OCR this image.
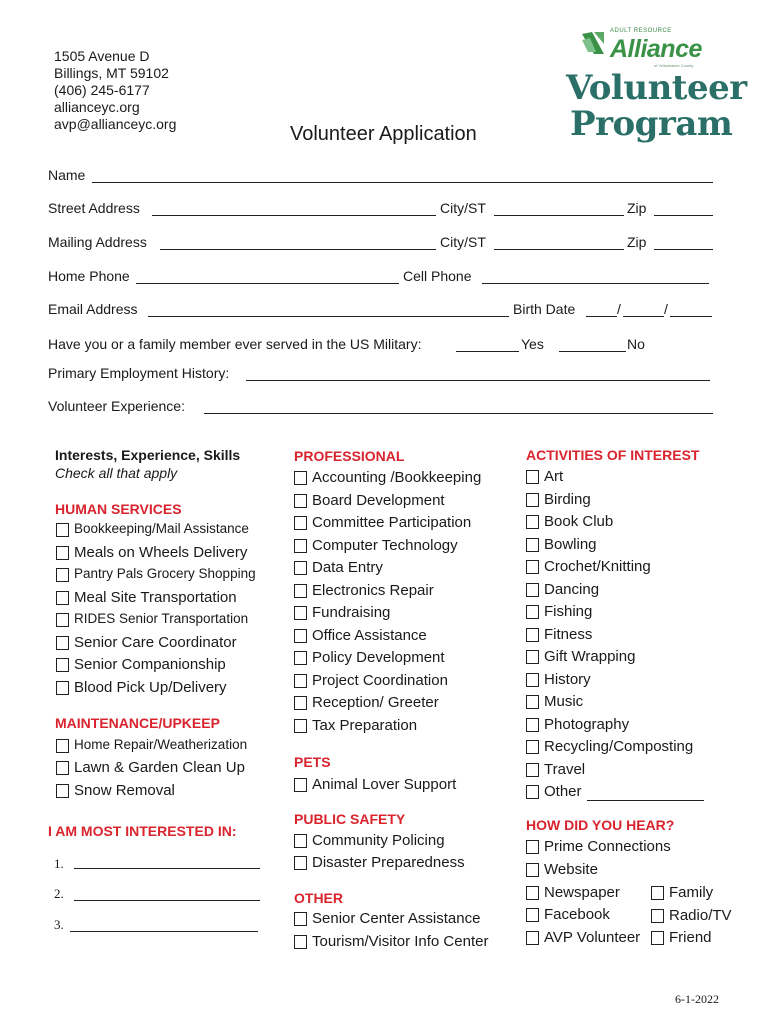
1505 Avenue D
Billings, MT 59102
(406) 245-6177
allianceyc.org
avp@allianceyc.org
ADULT RESOURCE
Alliance
of Yellowstone County
Volunteer
Program
Volunteer Application
Name
Street Address	City/ST	Zip
Mailing Address	City/ST	Zip
Home Phone	Cell Phone
Email Address	Birth Date	/	/
Have you or a family member ever served in the US Military:	Yes	No
Primary Employment History:
Volunteer Experience:
Interests, Experience, Skills
Check all that apply
HUMAN SERVICES
Bookkeeping/Mail Assistance
Meals on Wheels Delivery
Pantry Pals Grocery Shopping
Meal Site Transportation
RIDES Senior Transportation
Senior Care Coordinator
Senior Companionship
Blood Pick Up/Delivery
MAINTENANCE/UPKEEP
Home Repair/Weatherization
Lawn & Garden Clean Up
Snow Removal
I AM MOST INTERESTED IN:
1.
2.
3.
PROFESSIONAL
Accounting /Bookkeeping
Board Development
Committee Participation
Computer Technology
Data Entry
Electronics Repair
Fundraising
Office Assistance
Policy Development
Project Coordination
Reception/ Greeter
Tax Preparation
PETS
Animal Lover Support
PUBLIC SAFETY
Community Policing
Disaster Preparedness
OTHER
Senior Center Assistance
Tourism/Visitor Info Center
ACTIVITIES OF INTEREST
Art
Birding
Book Club
Bowling
Crochet/Knitting
Dancing
Fishing
Fitness
Gift Wrapping
History
Music
Photography
Recycling/Composting
Travel
Other
HOW DID YOU HEAR?
Prime Connections
Website
Newspaper
Facebook
AVP Volunteer
Family
Radio/TV
Friend
6-1-2022
